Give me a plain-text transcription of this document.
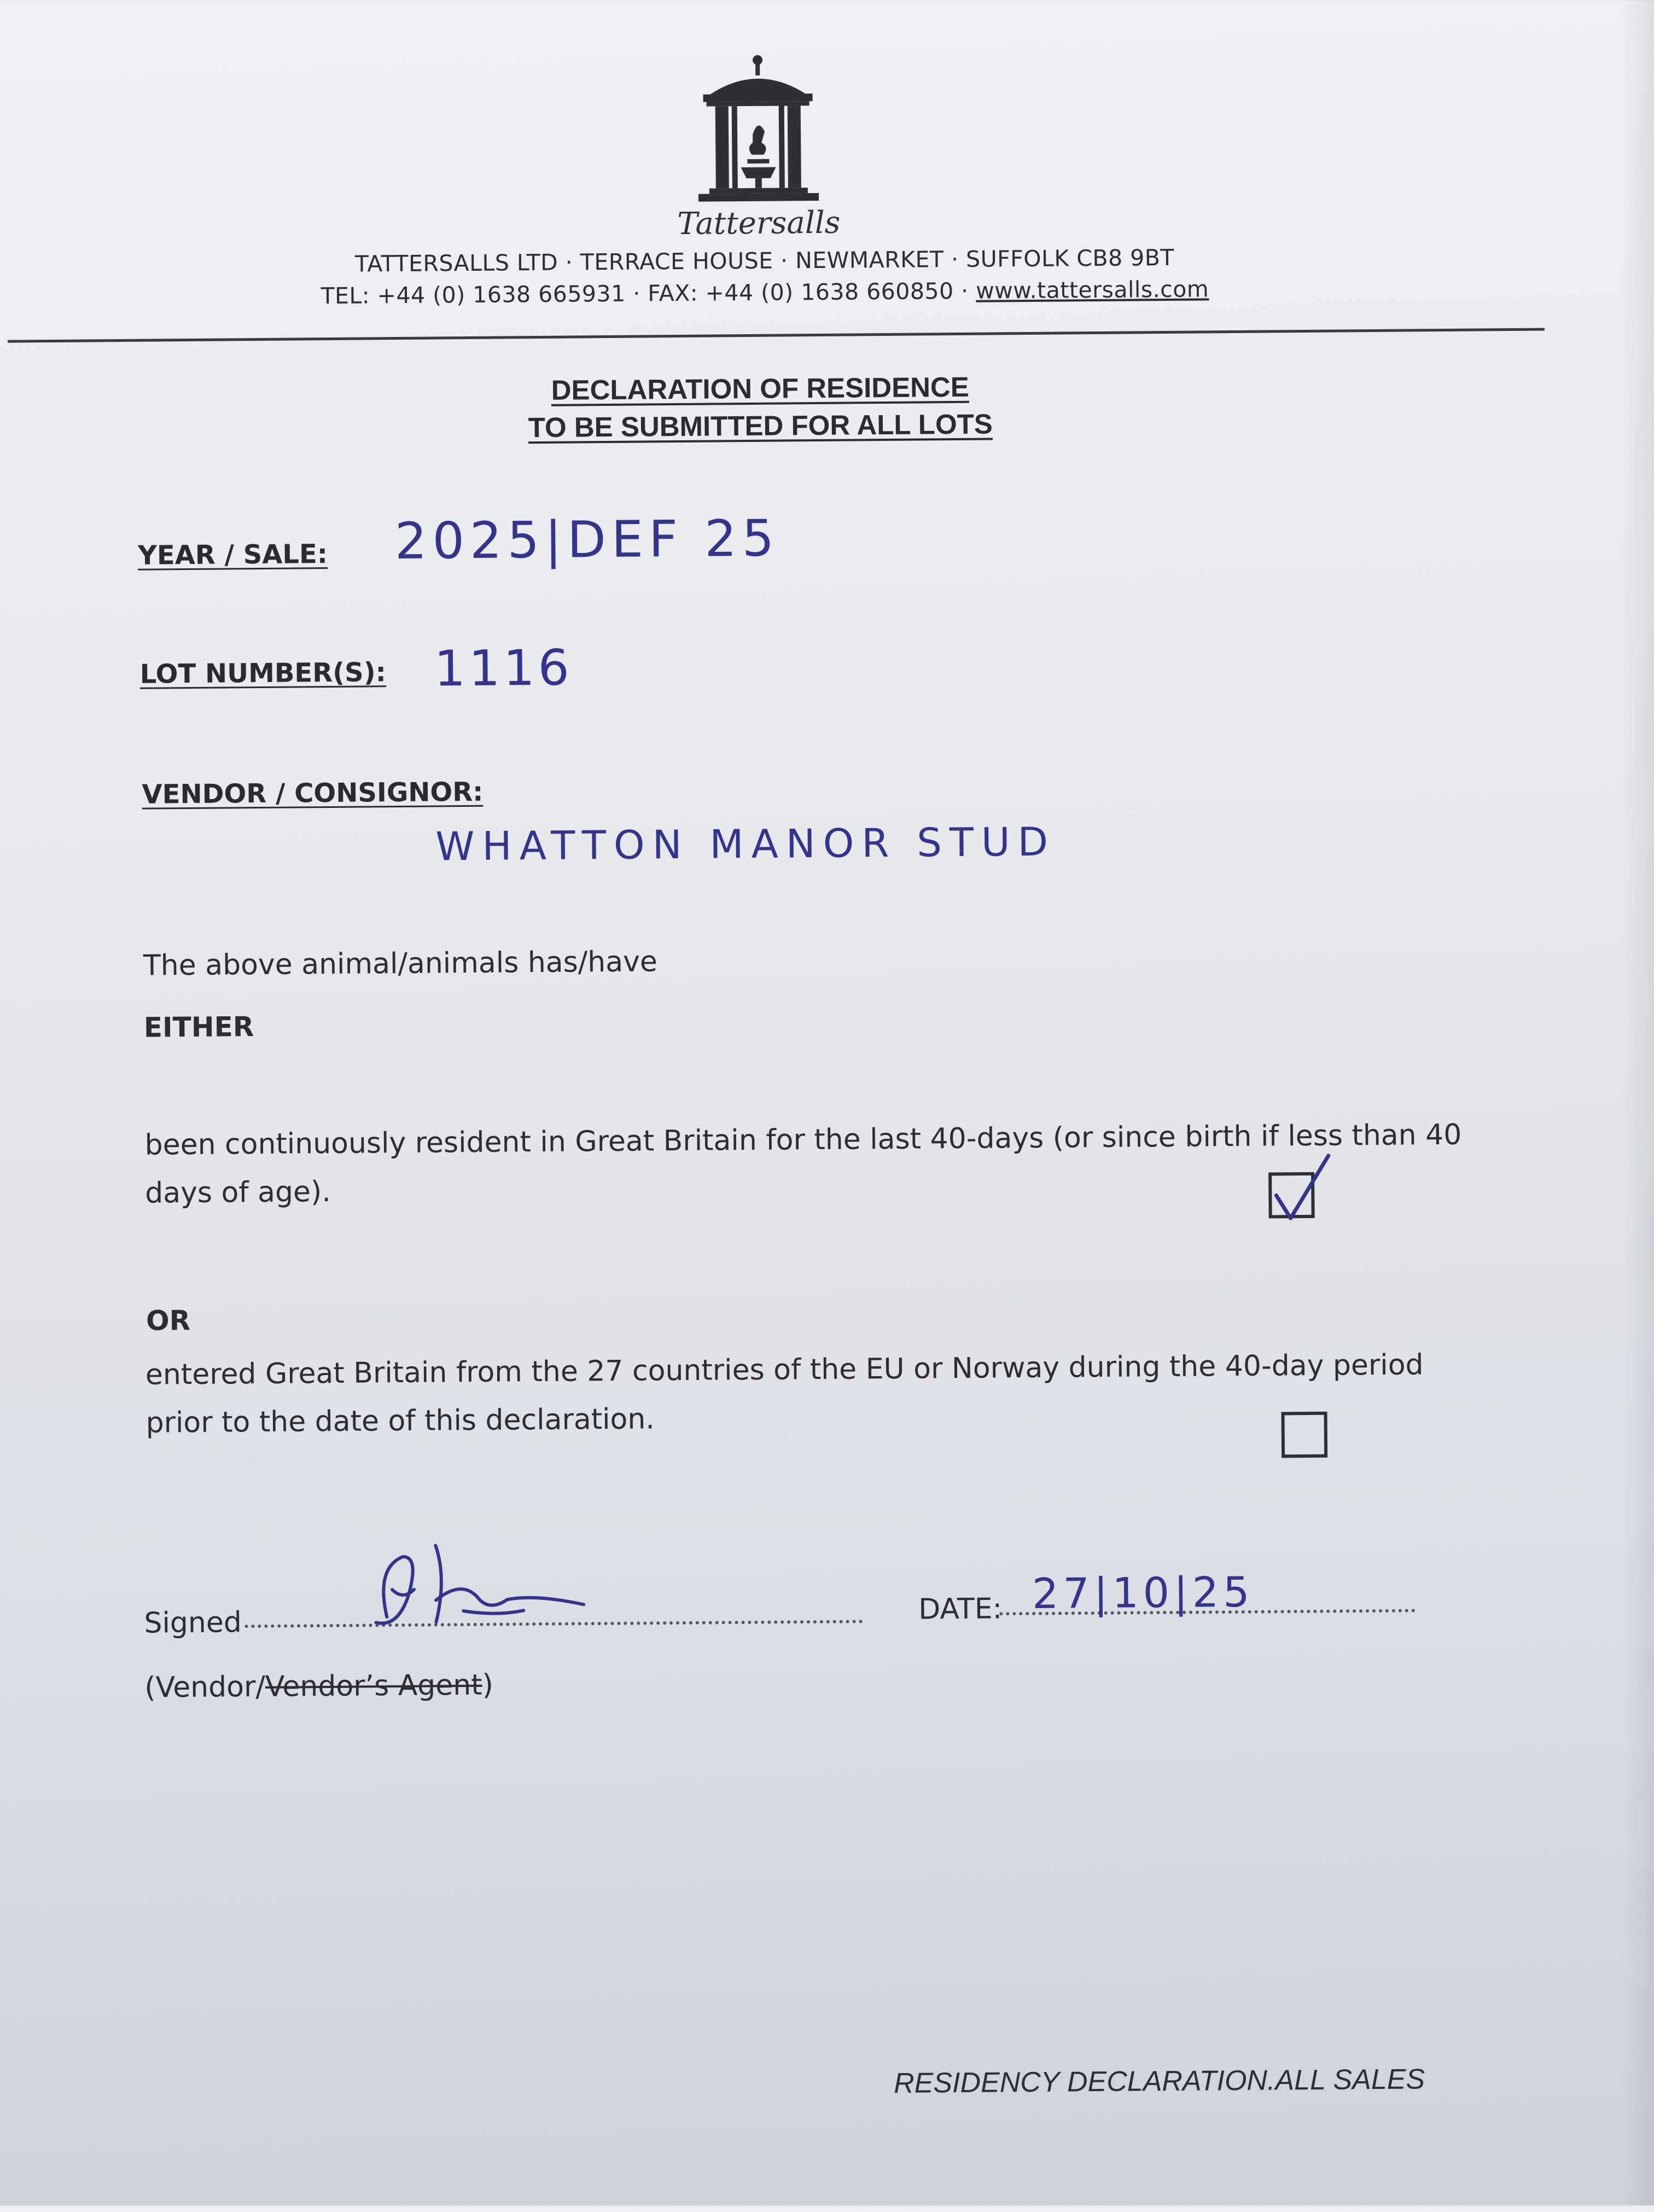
Tattersalls
TATTERSALLS LTD · TERRACE HOUSE · NEWMARKET · SUFFOLK CB8 9BT
TEL: +44 (0) 1638 665931 · FAX: +44 (0) 1638 660850 · www.tattersalls.com
DECLARATION OF RESIDENCE
TO BE SUBMITTED FOR ALL LOTS
YEAR / SALE: 2025|DEF 25
LOT NUMBER(S): 1116
VENDOR / CONSIGNOR:
WHATTON MANOR STUD
The above animal/animals has/have
EITHER
been continuously resident in Great Britain for the last 40-days (or since birth if less than 40
days of age).
OR
entered Great Britain from the 27 countries of the EU or Norway during the 40-day period
prior to the date of this declaration.
Signed	DATE: 27|10|25
(Vendor/Vendor’s Agent)
RESIDENCY DECLARATION.ALL SALES
